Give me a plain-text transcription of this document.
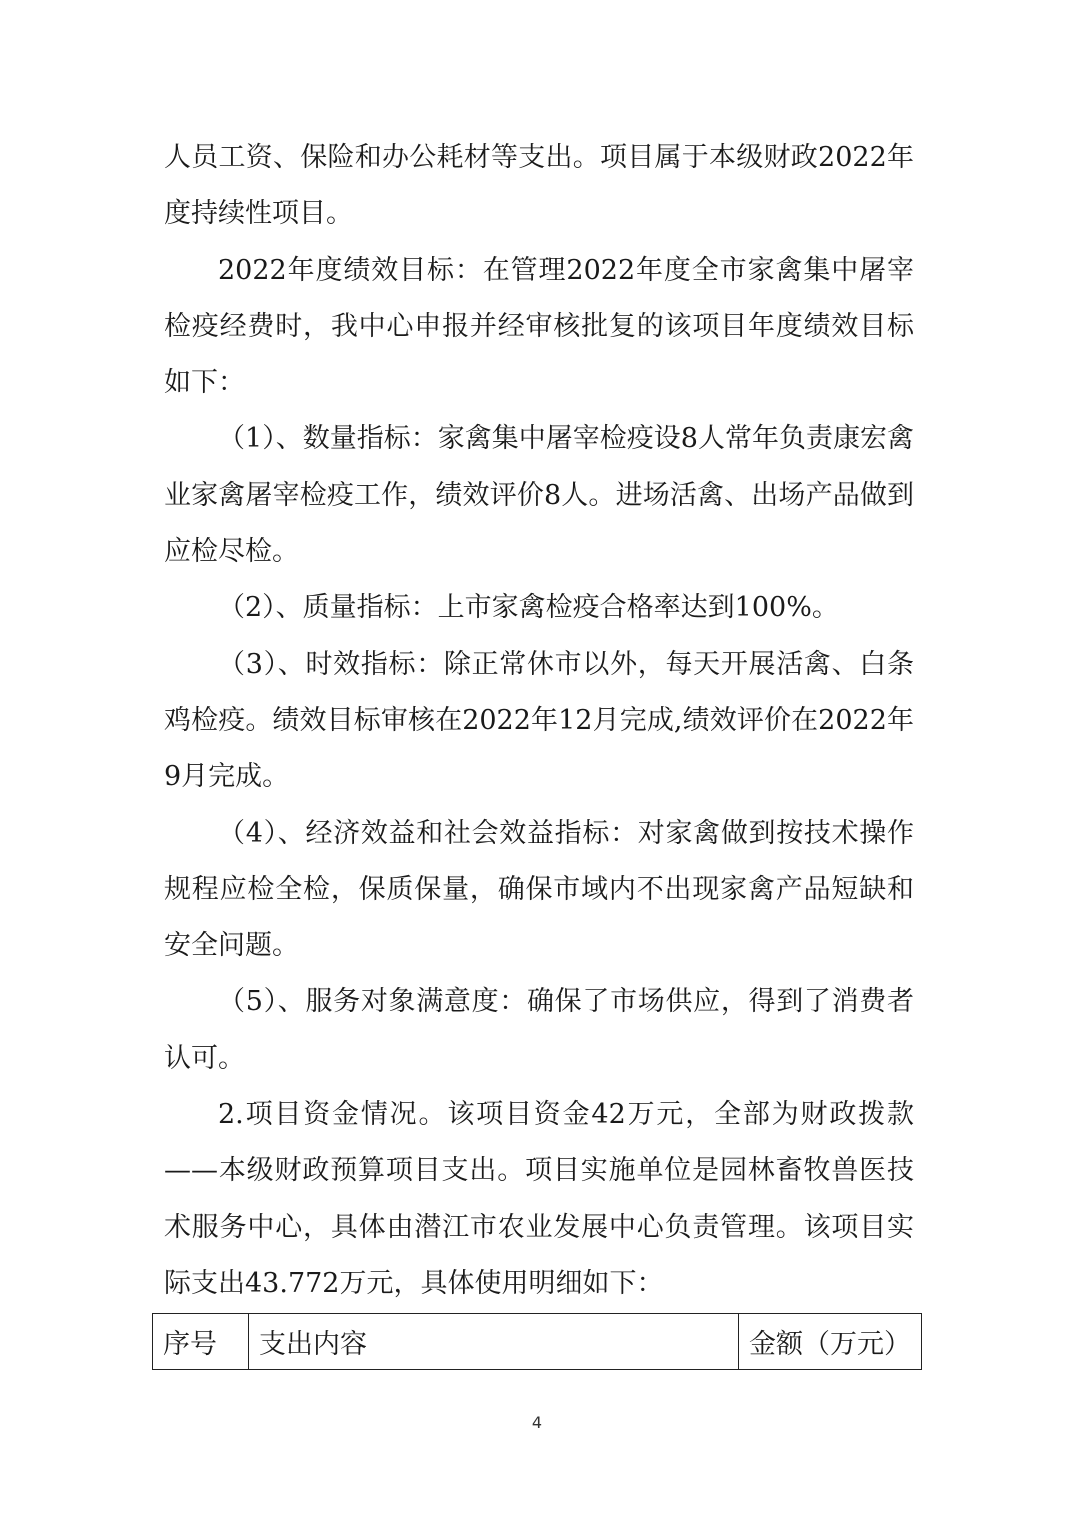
人员工资、保险和办公耗材等支出。项目属于本级财政2022年度持续性项目。

2022年度绩效目标：在管理2022年度全市家禽集中屠宰检疫经费时，我中心申报并经审核批复的该项目年度绩效目标如下：

（1）、数量指标：家禽集中屠宰检疫设8人常年负责康宏禽业家禽屠宰检疫工作，绩效评价8人。进场活禽、出场产品做到应检尽检。

（2）、质量指标：上市家禽检疫合格率达到100%。

（3）、时效指标：除正常休市以外，每天开展活禽、白条鸡检疫。绩效目标审核在2022年12月完成,绩效评价在2022年9月完成。

（4）、经济效益和社会效益指标：对家禽做到按技术操作规程应检全检，保质保量，确保市域内不出现家禽产品短缺和安全问题。

（5）、服务对象满意度：确保了市场供应，得到了消费者认可。

2.项目资金情况。该项目资金42万元，全部为财政拨款——本级财政预算项目支出。项目实施单位是园林畜牧兽医技术服务中心，具体由潜江市农业发展中心负责管理。该项目实际支出43.772万元，具体使用明细如下：

序号	支出内容	金额（万元）
4
